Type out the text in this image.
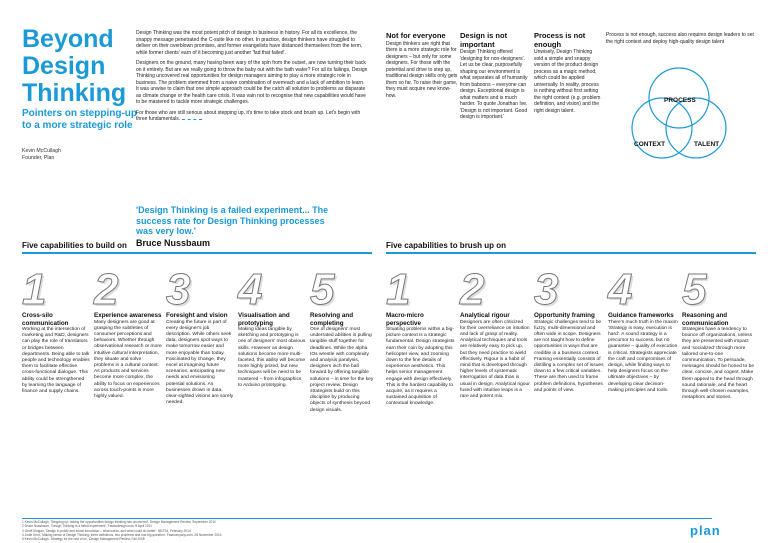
Beyond Design Thinking
Pointers on stepping-up to a more strategic role
Kevin McCullagh
Founder, Plan

Design Thinking was the most potent pitch of design to business in history. For all its excellence, the snappy message penetrated the C-suite like no other. In practice, design thinkers have struggled to deliver on their overblown promises, and former evangelists have distanced themselves from the term, while former clients' earn of it becoming just another 'fad that failed'.

Designers on the ground, many having been wary of the spin from the outset, are now turning their back on it entirely. But are we really going to throw the baby out with the bath water? For all its failings, Design Thinking uncovered real opportunities for design managers aiming to play a more strategic role in business. The problem stemmed from a naive combination of overreach and a lack of ambition to learn. It was unwise to claim that one simple approach could be the catch all solution to problems as disparate as climate change or the health care crisis. It was vain not to recognise that new capabilities would have to be mastered to tackle more strategic challenges.

For those who are still serious about stepping up, it's time to take stock and brush up. Let's begin with three fundamentals.

'Design Thinking is a failed experiment... The success rate for Design Thinking processes was very low.'
Bruce Nussbaum
Not for everyone
Design thinkers are right that there is a more strategic role for designers – but only for some designers. For those with the potential and drive to step up, traditional design skills only gets them so far. To raise their game, they must acquire new know-how.
Design is not important
Design Thinking offered 'designing for non-designers'. Let us be clear, purposefully shaping our environment is what separates all of humanity from baboons – everyone can design. Exceptional design is what matters and is much harder. To quote Jonathan Ive, 'Design is not important. Good design is important.'
Process is not enough
Unwisely, Design Thinking sold a simple and snappy version of the product design process as a magic method, which could be applied universally. In reality, process is nothing without first setting the right context (e.g. problem definition, and vision) and the right design talent.
Process is not enough, success also requires design leaders to set the right context and deploy high-quality design talent
PROCESS
CONTEXT	TALENT
Five capabilities to build on	Five capabilities to brush up on
1
Cross-silo communication
Working at the intersection of marketing and R&D, designers can play the role of translators or bridges between departments. Being able to talk people and technology enables them to facilitate effective cross-functional dialogue. This ability could be strengthened by learning the language of finance and supply chains.
2
Experience awareness
Many designers are good at grasping the subtleties of consumer perceptions and behaviors. Whether through observational research or more intuitive cultural interpretation, they situate and solve problems in a cultural context. As products and services become more complex, the ability to focus on experiences across touch-points is more highly valued.
3
Foresight and vision
Creating the future is part of every designer's job description. While others seek data, designers spot ways to make tomorrow easier and more enjoyable than today. Fascinated by change, they excel at imagining future scenarios, anticipating new needs and envisioning potential solutions. As businesses drown in data, clear-sighted visions are sorely needed.
4
Visualisation and prototyping
Making ideas tangible by sketching and prototyping is one of designers' most obvious skills. However as design solutions become more multi-faceted, this ability will become more highly prized, but new techniques will be need to be mastered – from infographics to Arduino prototyping.
5
Resolving and completing
One of designers' most underrated abilities is pulling tangible stuff together for deadlines. While the alpha IOs wrestle with complexity and analysis paralysis, designers inch the ball forward by offering tangible solutions – in time for the key project review. Design strategists build on this discipline by producing objects of synthesis beyond design visuals.
1
Macro-micro perspective
Situating problems within a big-picture context is a strategic fundamental. Design strategists earn their coin by adopting this helicopter view, and zooming down to the fine details of experience aesthetics. This helps senior management engage with design effectively. This is the hardest capability to acquire, as it requires a sustained acquisition of contextual knowledge.
2
Analytical rigour
Designers are often criticized for their overreliance on intuition and lack of grasp of reality. Analytical techniques and tools are relatively easy to pick up, but they need practice to wield effectively. Rigour is a habit of mind that is developed through higher levels of systematic interrogation of data than is usual in design. Analytical rigour fused with intuitive leaps is a rare and potent mix.
3
Opportunity framing
Strategic challenges tend to be fuzzy, multi-dimensional and often wide in scope. Designers are not taught how to define opportunities in ways that are credible in a business context. Framing essentially consists of distilling a complex set of issues down to a few critical variables. These are then used to frame problem definitions, hypotheses and points of view.
4
Guidance frameworks
There's much truth in the maxim 'Strategy is easy, execution is hard'. A sound strategy is a precursor to success, but no guarantee – quality of execution is critical. Strategists appreciate the craft and compromises of design, while finding ways to help designers focus on the ultimate objectives – by developing clear decision-making principles and tools.
5
Reasoning and communication
Strategies have a tendency to bounce off organizations, unless they are presented with impact and 'socialized' through more tailored one-to-one communication. To persuade, messages should be honed to be clear, concise, and cogent. Make them appeal to the head through sound rationale, and the heart through well-chosen examples, metaphors and stories.
1 Kevin McCullagh, 'Stepping up: raising the opportunities design thinking has uncovered', Design Management Review, September 2010
2 Bruce Nussbaum, 'Design Thinking is a failed experiment', Fastcodesign.com, 6 April 2011
3 Geoff Mulgan, 'Design in public and social innovation – what works, and what could do better', NESTA, February 2014
4 Jodie Kent, 'Making sense of Design Thinking: three definitions, two problems and one big question', Fastcompany.com, 28 November 2014
5 Kevin McCullagh, 'Strategy for the rest of us', Design Management Review, Fall 2008
plan
